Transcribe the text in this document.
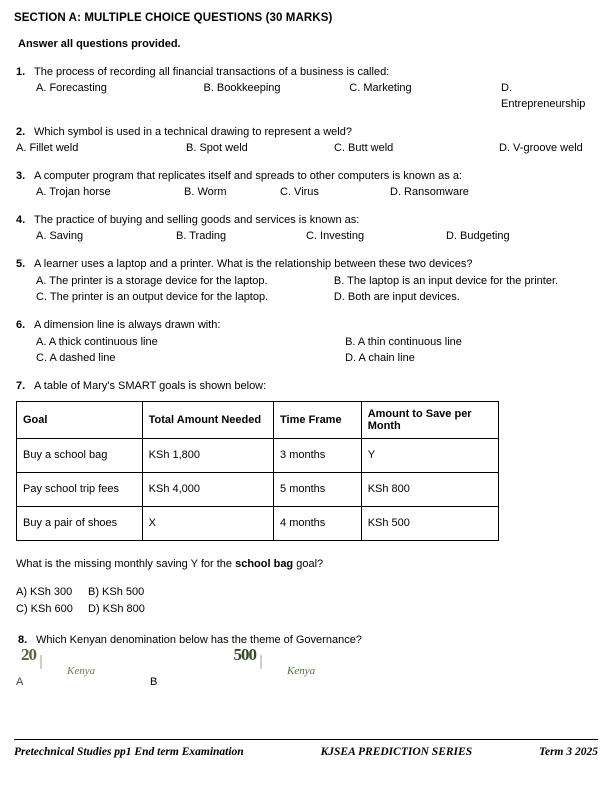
SECTION A: MULTIPLE CHOICE QUESTIONS (30 MARKS)
Answer all questions provided.
1. The process of recording all financial transactions of a business is called:
A. Forecasting	B. Bookkeeping	C. Marketing	D. Entrepreneurship
2. Which symbol is used in a technical drawing to represent a weld?
A. Fillet weld	B. Spot weld	C. Butt weld	D. V-groove weld
3. A computer program that replicates itself and spreads to other computers is known as a:
A. Trojan horse	B. Worm	C. Virus	D. Ransomware
4. The practice of buying and selling goods and services is known as:
A. Saving	B. Trading	C. Investing	D. Budgeting
5. A learner uses a laptop and a printer. What is the relationship between these two devices?
A. The printer is a storage device for the laptop.	B. The laptop is an input device for the printer.
C. The printer is an output device for the laptop.	D. Both are input devices.
6. A dimension line is always drawn with:
A. A thick continuous line	B. A thin continuous line
C. A dashed line	D. A chain line
7. A table of Mary's SMART goals is shown below:
Goal	Total Amount Needed	Time Frame	Amount to Save per Month
Buy a school bag	KSh 1,800	3 months	Y
Pay school trip fees	KSh 4,000	5 months	KSh 800
Buy a pair of shoes	X	4 months	KSh 500
What is the missing monthly saving Y for the school bag goal?
A) KSh 300	B) KSh 500
C) KSh 600	D) KSh 800
8. Which Kenyan denomination below has the theme of Governance?
A	B
Pretechnical Studies pp1 End term Examination	KJSEA PREDICTION SERIES	Term 3 2025
